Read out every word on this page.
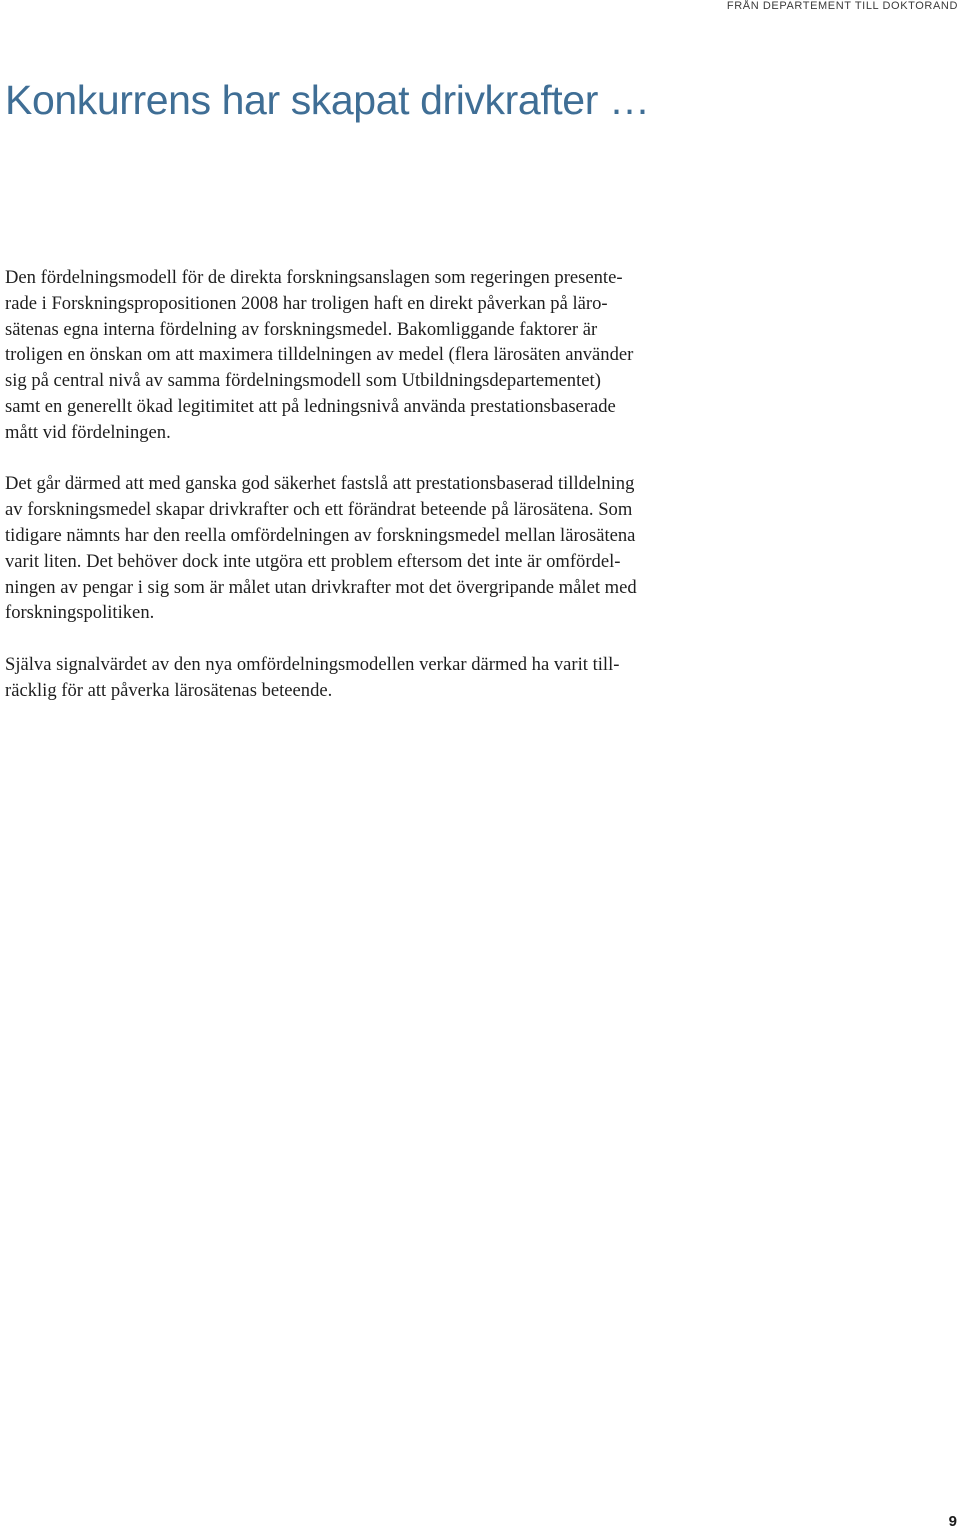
FRÅN DEPARTEMENT TILL DOKTORAND
Konkurrens har skapat drivkrafter …

Den fördelningsmodell för de direkta forskningsanslagen som regeringen presente-
rade i Forskningspropositionen 2008 har troligen haft en direkt påverkan på läro-
sätenas egna interna fördelning av forskningsmedel. Bakomliggande faktorer är
troligen en önskan om att maximera tilldelningen av medel (flera lärosäten använder
sig på central nivå av samma fördelningsmodell som Utbildningsdepartementet)
samt en generellt ökad legitimitet att på ledningsnivå använda prestationsbaserade
mått vid fördelningen.

Det går därmed att med ganska god säkerhet fastslå att prestationsbaserad tilldelning
av forskningsmedel skapar drivkrafter och ett förändrat beteende på lärosätena. Som
tidigare nämnts har den reella omfördelningen av forskningsmedel mellan lärosätena
varit liten. Det behöver dock inte utgöra ett problem eftersom det inte är omfördel-
ningen av pengar i sig som är målet utan drivkrafter mot det övergripande målet med
forskningspolitiken.

Själva signalvärdet av den nya omfördelningsmodellen verkar därmed ha varit till-
räcklig för att påverka lärosätenas beteende.

9
